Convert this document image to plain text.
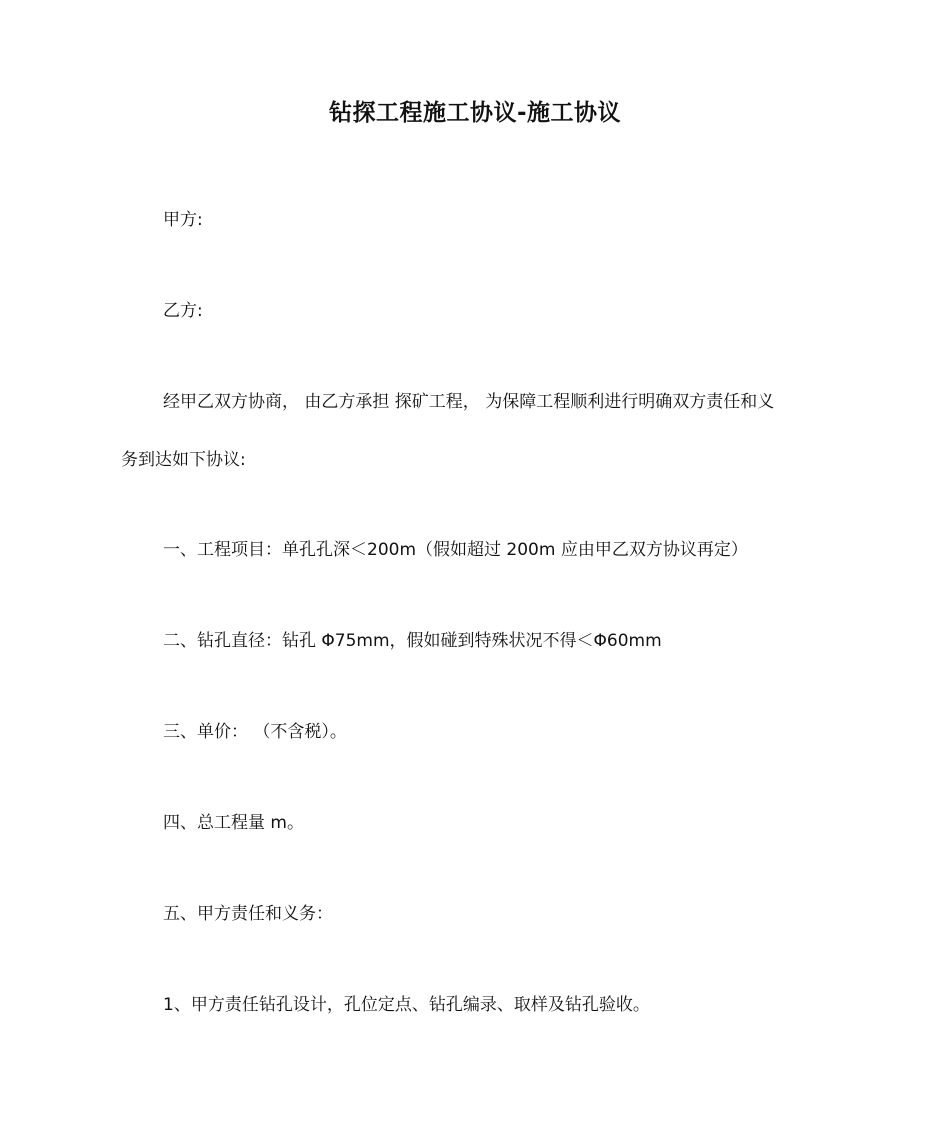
钻探工程施工协议-施工协议
甲方:
乙方:
经甲乙双方协商， 由乙方承担 探矿工程， 为保障工程顺利进行明确双方责任和义
务到达如下协议:
一、工程项目：单孔孔深＜200m（假如超过 200m 应由甲乙双方协议再定）
二、钻孔直径：钻孔 Φ75mm，假如碰到特殊状况不得＜Φ60mm
三、单价： （不含税）。
四、总工程量 m。
五、甲方责任和义务：
1、甲方责任钻孔设计，孔位定点、钻孔编录、取样及钻孔验收。
